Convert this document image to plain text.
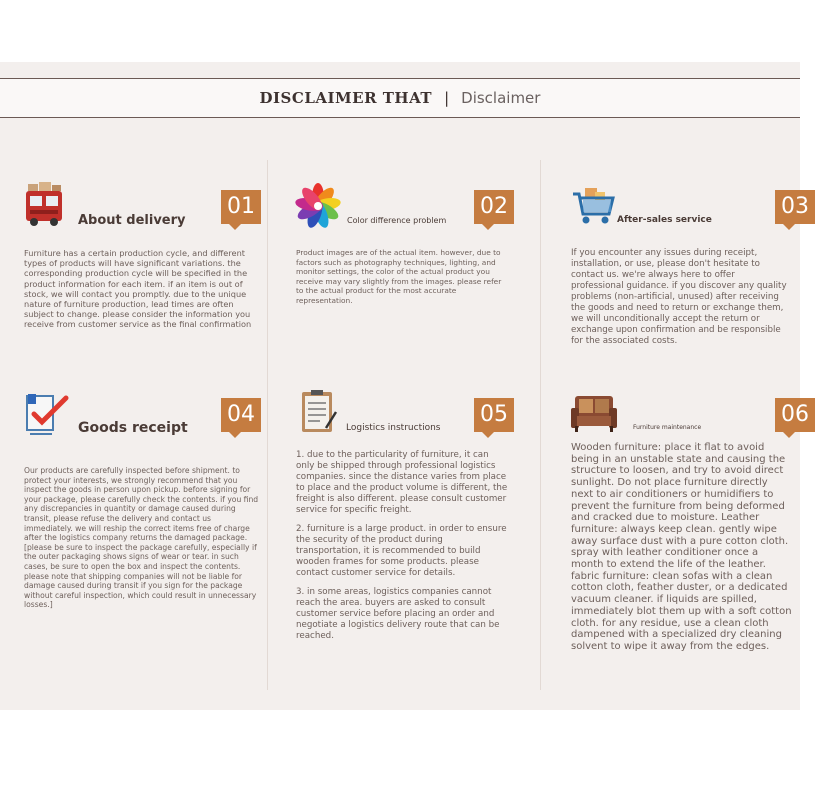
DISCLAIMER THAT | Disclaimer
About delivery
01
Furniture has a certain production cycle, and different types of products will have significant variations. the corresponding production cycle will be specified in the product information for each item. if an item is out of stock, we will contact you promptly. due to the unique nature of furniture production, lead times are often subject to change. please consider the information you receive from customer service as the final confirmation
Color difference problem
02
Product images are of the actual item. however, due to factors such as photography techniques, lighting, and monitor settings, the color of the actual product you receive may vary slightly from the images. please refer to the actual product for the most accurate representation.
After-sales service
03
If you encounter any issues during receipt, installation, or use, please don't hesitate to contact us. we're always here to offer professional guidance. if you discover any quality problems (non-artificial, unused) after receiving the goods and need to return or exchange them, we will unconditionally accept the return or exchange upon confirmation and be responsible for the associated costs.
Goods receipt
04
Our products are carefully inspected before shipment. to protect your interests, we strongly recommend that you inspect the goods in person upon pickup. before signing for your package, please carefully check the contents. if you find any discrepancies in quantity or damage caused during transit, please refuse the delivery and contact us immediately. we will reship the correct items free of charge after the logistics company returns the damaged package. [please be sure to inspect the package carefully, especially if the outer packaging shows signs of wear or tear. in such cases, be sure to open the box and inspect the contents. please note that shipping companies will not be liable for damage caused during transit if you sign for the package without careful inspection, which could result in unnecessary losses.]
Logistics instructions
05

1. due to the particularity of furniture, it can only be shipped through professional logistics companies. since the distance varies from place to place and the product volume is different, the freight is also different. please consult customer service for specific freight.

2. furniture is a large product. in order to ensure the security of the product during transportation, it is recommended to build wooden frames for some products. please contact customer service for details.

3. in some areas, logistics companies cannot reach the area. buyers are asked to consult customer service before placing an order and negotiate a logistics delivery route that can be reached.

Furniture maintenance
06
Wooden furniture: place it flat to avoid being in an unstable state and causing the structure to loosen, and try to avoid direct sunlight. Do not place furniture directly next to air conditioners or humidifiers to prevent the furniture from being deformed and cracked due to moisture. Leather furniture: always keep clean. gently wipe away surface dust with a pure cotton cloth. spray with leather conditioner once a month to extend the life of the leather. fabric furniture: clean sofas with a clean cotton cloth, feather duster, or a dedicated vacuum cleaner. if liquids are spilled, immediately blot them up with a soft cotton cloth. for any residue, use a clean cloth dampened with a specialized dry cleaning solvent to wipe it away from the edges.
